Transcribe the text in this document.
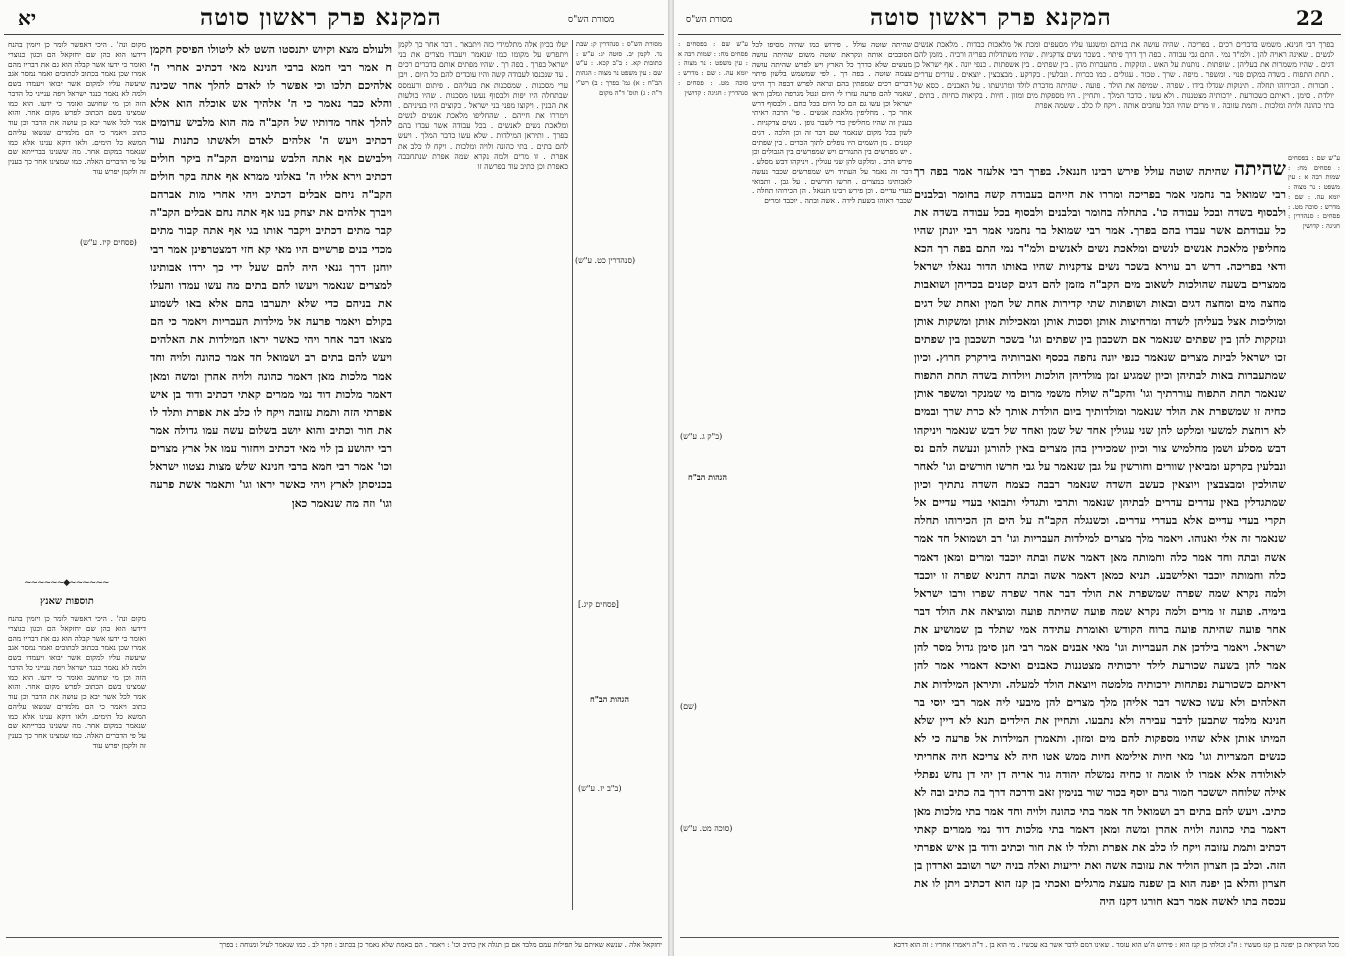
יא	המקנא פרק ראשון סוטה	מסורת הש"ס
מסורת הש"ס : סנהדרין ק: שבת נד. לקמן יב. סוטה יג: ע"ש : כתובות קא. : ב"ב קכא. : ע"ש שם : עין משפט נר מצוה : הגהות הב"ח : א) גמ' בפרך : ב) רש"י ד"ה : ג) תוס' ד"ה מקום
יעלו בכיון אלה מתלמידי כזה ויתבאר . דבר אחר כך לקמן ויתפרש על מקומו כמו שנאמר ויעבדו מצרים את בני ישראל בפרך . בפה רך . שהיו מפתים אותם בדברים רכים . עד שנכנסו לעבודה קשה והיו עובדים להם כל היום . ויבן ערי מסכנות . שמסכנות את בעליהם . פיתום ורעמסס שבתחלה היו יפות ולבסוף נעשו מסכנות . שהיו בולעות את הבנין . ויקוצו מפני בני ישראל . כקוצים היו בעיניהם . וימררו את חייהם . שהחליפו מלאכת אנשים לנשים ומלאכת נשים לאנשים . בכל עבודה אשר עבדו בהם בפרך . ותיראן המילדות . שלא עשו כדבר המלך . ויעש להם בתים . בתי כהונה ולויה ומלכות . ויקח לו כלב את אפרת . זו מרים ולמה נקרא שמה אפרת שנתחבבה כאפרת וכן כתיב עוד בפרשה זו
ולעולם מצא וקיוש יתנסטו השט לא ליטולו הפיסק חקמן ח אמר רבי חמא ברבי חנינא מאי דכתיב אחרי ה' אלהיכם תלכו וכי אפשר לו לאדם להלך אחר שכינה והלא כבר נאמר כי ה' אלהיך אש אוכלה הוא אלא להלך אחר מדותיו של הקב"ה מה הוא מלביש ערומים דכתיב ויעש ה' אלהים לאדם ולאשתו כתנות עור וילבישם אף אתה הלבש ערומים הקב"ה ביקר חולים דכתיב וירא אליו ה' באלוני ממרא אף אתה בקר חולים הקב"ה ניחם אבלים דכתיב ויהי אחרי מות אברהם ויברך אלהים את יצחק בנו אף אתה נחם אבלים הקב"ה קבר מתים דכתיב ויקבר אותו בגי אף אתה קבור מתים מכדי בנים פרשיים היו מאי קא חזי דמצטרפינן אמר רבי יוחנן דרך גנאי היה להם שעל ידי כך ירדו אבותינו למצרים שנאמר ויעשו להם בתים מה עשו עמדו והעלו את בניהם כדי שלא יתערבו בהם אלא באו לשמוע בקולם ויאמר פרעה אל מילדות העבריות ויאמר כי הם מצאו דבר אחר ויהי כאשר יראו המילדות את האלהים ויעש להם בתים רב ושמואל חד אמר כהונה ולויה וחד אמר מלכות מאן דאמר כהונה ולויה אהרן ומשה ומאן דאמר מלכות דוד נמי ממרים קאתי דכתיב ודוד בן איש אפרתי הזה ותמת עזובה ויקח לו כלב את אפרת ותלד לו את חור וכתיב והוא יושב בשלום עשה עמו גדולה אמר רבי יהושע בן לוי מאי דכתיב ויחזור עמו אל ארץ מצרים וכו' אמר רבי חמא ברבי חנינא שלש מצות נצטוו ישראל בכניסתן לארץ ויהי כאשר יראו וגו' ותאמר אשת פרעה וגו' וזה מה שנאמר כאן
מקום ונה' . היכי דאפשר לומר כן ויזמין בהנח דידעו הוא כהן שם יחזקאל הם וכגון כנוצרי ואומר כי ידעו אשר קבלה הוא גם את דבריו מהם אמרו שכן נאמר בכתוב לכתובים ואמר נמסר אגב שיעשה עליו למקום אשר יבואו ויעמדו בשם ולמה לא נאמר כנגד ישראל ויפה ענייני כל הדבר הזה וכן מי שחושב ואומר כי ידעו. הוא כמו שמצינו בשם הכתוב לפרש מקום אחר. והוא אמר לכל אשר יבא כן עושה את הדבר וכן עוד כתוב ויאמר כי הם מלמדים שנשאו עליהם המשא כל הימים. ולאו דוקא ענינו אלא כמו שנאמר במקום אחר. מה ששנינו בברייתא שם על פי הדברים האלה. כמו שמצינו אחר כך בענין זה ולקמן יפרש עוד
~~~~~~◆~~~~~~
תוספות שאנץ
מקום ונה' . היכי דאפשר לומר כן ויזמין בהנח דידעו הוא כהן שם יחזקאל הם וכגון כנוצרי ואומר כי ידעו אשר קבלה הוא גם את דבריו מהם אמרו שכן נאמר בכתוב לכתובים ואמר נמסר אגב שיעשה עליו למקום אשר יבואו ויעמדו בשם ולמה לא נאמר כנגד ישראל ויפה ענייני כל הדבר הזה וכן מי שחושב ואומר כי ידעו. הוא כמו שמצינו בשם הכתוב לפרש מקום אחר. והוא אמר לכל אשר יבא כן עושה את הדבר וכן עוד כתוב ויאמר כי הם מלמדים שנשאו עליהם המשא כל הימים. ולאו דוקא ענינו אלא כמו שנאמר במקום אחר. מה ששנינו בברייתא שם על פי הדברים האלה. כמו שמצינו אחר כך בענין זה ולקמן יפרש עוד
(סנהדרין כט. ע"ש)
(פסחים קיז. ע"ש)
[פסחים קיג.]
(ב"ב יז. ע"ש)
הגהות הב"ח
יחזקאל אלה . שנשא שאיתם על תפילות עמם מלבד אם כן תגלה אין כתיב וכו' : ויאמר . הם באמת שלא נאמר כן בכתוב : חקר לב . כמו שנאמר לעיל ומנוחה : בפרך
מסורת הש"ס	המקנא פרק ראשון סוטה	22
שהיתה שוטה עולל . פירוש כמו שהיה מסיפו לכל הסובבים אותה ונקראת שוטה משום שהיתה עושה מעשים שלא כדרך כל הארץ ויש לפרש שהיתה עושה עצמה שוטה . בפה רך . לפי שמשמש בלשון פיתוי דברים רכים שמפתין בהם ונראה לפרש דבפה רך היינו שאמר להם פרעה עזרו לי היום ונטל מגרפה ומלבן וראו ישראל וכן עשו גם הם כל היום בכל כחם . ולבסוף דרש אחר כך . מחליפין מלאכת אנשים . פי' הרבה ראיתי בענין זה שהיו מחליפין כדי לשבר גופן . נשים צדקניות . לשון בכל מקום שנאמר שם דבר זה וכן הלכה . דגים קטנים . מן השמים היו נופלים לתוך הכדים . בין שפתים . יש מפרשים בין התנורים ויש שמפרשים בין הגבולים וכן פירש הרב . ומלקט להן שני עגולין . ויניקהו דבש מסלע . דבר זה נאמר על העתיד ויש שמפרשים שכבר נעשה לאבותינו במצרים . חרשו חורשים . על גבן . ותבואי בעדי עדיים . וכן פירש רבינו חננאל . הן הכירוהו תחלה . שכבר ראוהו בשעת לידה . אשה ובתה . יוכבד ומרים
בפרך רבי חנינא. משמש בדברים רכים . בפריכה . שהיה עושה את בניהם ומשגעו עליו מסעפים ומכת אל מלאכות כבדות . מלאכת אנשים לנשים . שאינה ראויה להן . ולמ"ד נמי . התם גבי עבודה . בפה רך דרך פיתוי . בשכר נשים צדקניות . שהיו משתדלות בפריה ורביה . מזמן להם דגים . שהיו משמרות את בעליהן . שופתות . נותנות על האש . ונזקקות . מתעברות מהן . בין שפתים . בין אשפתות . כנפי יונה . אף ישראל כן . תחת התפוח . בשדה במקום פנוי . ומשפר . מיפה . שרך . טבור . עגולים . כמו ככרות . ונבלעין . בקרקע . מבצבצין . יוצאים . עדרים עדרים . חבורות . הכירוהו תחלה . תינוקות שגדלו בידו . שפרה . שמיפה את הולד . פועה . שהיתה מדברת לולד ומרגיעתו . על האבנים . כסא של יולדת . סימן . ראיתם כשכורעת . ירכותיה מצטננות . ולא עשו . כדבר המלך . ותחיין . היו מספקות מים ומזון . חיות . בקיאות כחיות . בתים . בתי כהונה ולויה ומלכות . ותמת עזובה . זו מרים שהיו הכל עוזבים אותה . ויקח לו כלב . ששמה אפרת
שהיתה שהיתה שוטה עולל פירש רבינו חננאל. בפרך רבי אלעזר אמר בפה רך רבי שמואל בר נחמני אמר בפריכה ומררו את חייהם בעבודה קשה בחומר ובלבנים ולבסוף בשדה ובכל עבודה כו'. בתחלה בחומר ובלבנים ולבסוף בכל עבודה בשדה את כל עבודתם אשר עבדו בהם בפרך. אמר רבי שמואל בר נחמני אמר רבי יונתן שהיו מחליפין מלאכת אנשים לנשים ומלאכת נשים לאנשים ולמ"ד נמי התם בפה רך הכא ודאי בפריכה. דרש רב עוירא בשכר נשים צדקניות שהיו באותו הדור נגאלו ישראל ממצרים בשעה שהולכות לשאוב מים הקב"ה מזמן להם דגים קטנים בכדיהן ושואבות מחצה מים ומחצה דגים ובאות ושופתות שתי קדירות אחת של חמין ואחת של דגים ומוליכות אצל בעליהן לשדה ומרחיצות אותן וסכות אותן ומאכילות אותן ומשקות אותן ונזקקות להן בין שפתים שנאמר אם תשכבון בין שפתים וגו' בשכר תשכבון בין שפתים זכו ישראל לביזת מצרים שנאמר כנפי יונה נחפה בכסף ואברותיה בירקרק חרוץ. וכיון שמתעברות באות לבתיהן וכיון שמגיע זמן מולדיהן הולכות ויולדות בשדה תחת התפוח שנאמר תחת התפוח עוררתיך וגו' והקב"ה שולח משמי מרום מי שמנקר ומשפר אותן כחיה זו שמשפרת את הולד שנאמר ומולדותיך ביום הולדת אותך לא כרת שרך ובמים לא רוחצת למשעי ומלקט להן שני עגולין אחד של שמן ואחד של דבש שנאמר ויניקהו דבש מסלע ושמן מחלמיש צור וכיון שמכירין בהן מצרים באין להורגן ונעשה להם נס ונבלעין בקרקע ומביאין שוורים וחורשין על גבן שנאמר על גבי חרשו חורשים וגו' לאחר שהולכין ומבצבצין ויוצאין כעשב השדה שנאמר רבבה כצמח השדה נתתיך וכיון שמתגדלין באין עדרים עדרים לבתיהן שנאמר ותרבי ותגדלי ותבואי בעדי עדיים אל תקרי בעדי עדיים אלא בעדרי עדרים. וכשנגלה הקב"ה על הים הן הכירוהו תחלה שנאמר זה אלי ואנוהו. ויאמר מלך מצרים למילדות העבריות וגו' רב ושמואל חד אמר אשה ובתה וחד אמר כלה וחמותה מאן דאמר אשה ובתה יוכבד ומרים ומאן דאמר כלה וחמותה יוכבד ואלישבע. תניא כמאן דאמר אשה ובתה דתניא שפרה זו יוכבד ולמה נקרא שמה שפרה שמשפרת את הולד דבר אחר שפרה שפרו ורבו ישראל בימיה. פועה זו מרים ולמה נקרא שמה פועה שהיתה פועה ומוציאה את הולד דבר אחר פועה שהיתה פועה ברוח הקודש ואומרת עתידה אמי שתלד בן שמושיע את ישראל. ויאמר בילדכן את העבריות וגו' מאי אבנים אמר רבי חנן סימן גדול מסר להן אמר להן בשעה שכורעת לילד ירכותיה מצטננות כאבנים ואיכא דאמרי אמר להן ראיתם כשכורעת נפתחות ירכותיה מלמטה ויוצאת הולד למעלה. ותיראן המילדות את האלהים ולא עשו כאשר דבר אליהן מלך מצרים להן מיבעי ליה אמר רבי יוסי בר חנינא מלמד שתבען לדבר עבירה ולא נתבעו. ותחיין את הילדים תנא לא דיין שלא המיתו אותן אלא שהיו מספקות להם מים ומזון. ותאמרן המילדות אל פרעה כי לא כנשים המצריות וגו' מאי חיות אילימא חיות ממש אטו חיה לא צריכא חיה אחריתי לאולודה אלא אמרו לו אומה זו כחיה נמשלה יהודה גור אריה דן יהי דן נחש נפתלי אילה שלוחה יששכר חמור גרם יוסף בכור שור בנימין זאב ודרכה דרך בה כתיב ובה לא כתיב. ויעש להם בתים רב ושמואל חד אמר בתי כהונה ולויה וחד אמר בתי מלכות מאן דאמר בתי כהונה ולויה אהרן ומשה ומאן דאמר בתי מלכות דוד נמי ממרים קאתי דכתיב ותמת עזובה ויקח לו כלב את אפרת ותלד לו את חור וכתיב ודוד בן איש אפרתי הזה. וכלב בן חצרון הוליד את עזובה אשה ואת יריעות ואלה בניה ישר ושובב וארדון בן חצרון והלא בן יפנה הוא בן שפנה מעצת מרגלים ואכתי בן קנז הוא דכתיב ויתן לו את עכסה בתו לאשה אמר רבא חורגו דקנז היה
ע"ש שם : בפסחים : פסחים מח: : שמות רבה א : עין משפט : נר מצוה : יומא עה. : שם : מדרש : סוכה מט. : פסחים : סנהדרין : חגיגה : קדושין
ע"ש שם : בפסחים : פסחים מח: : שמות רבה א : עין משפט : נר מצוה : יומא עה. : שם : מדרש : סוכה מט. : פסחים : סנהדרין : חגיגה : קדושין
(ב"ק ג. ע"ש)
(סוכה מט. ע"ש)
(שם)
הגהות הב"ח
מכל הנקראת בן יפונה בן קנז מעשיו : ה"נ וכולתי בן קנז הוא : פירוש ה'ש הוא עומד . שאינו דמם לדבר אשר בא עכשיו . מי הוא בן . ד"ה ויאמרו אחריו : זה הוא דרכא
